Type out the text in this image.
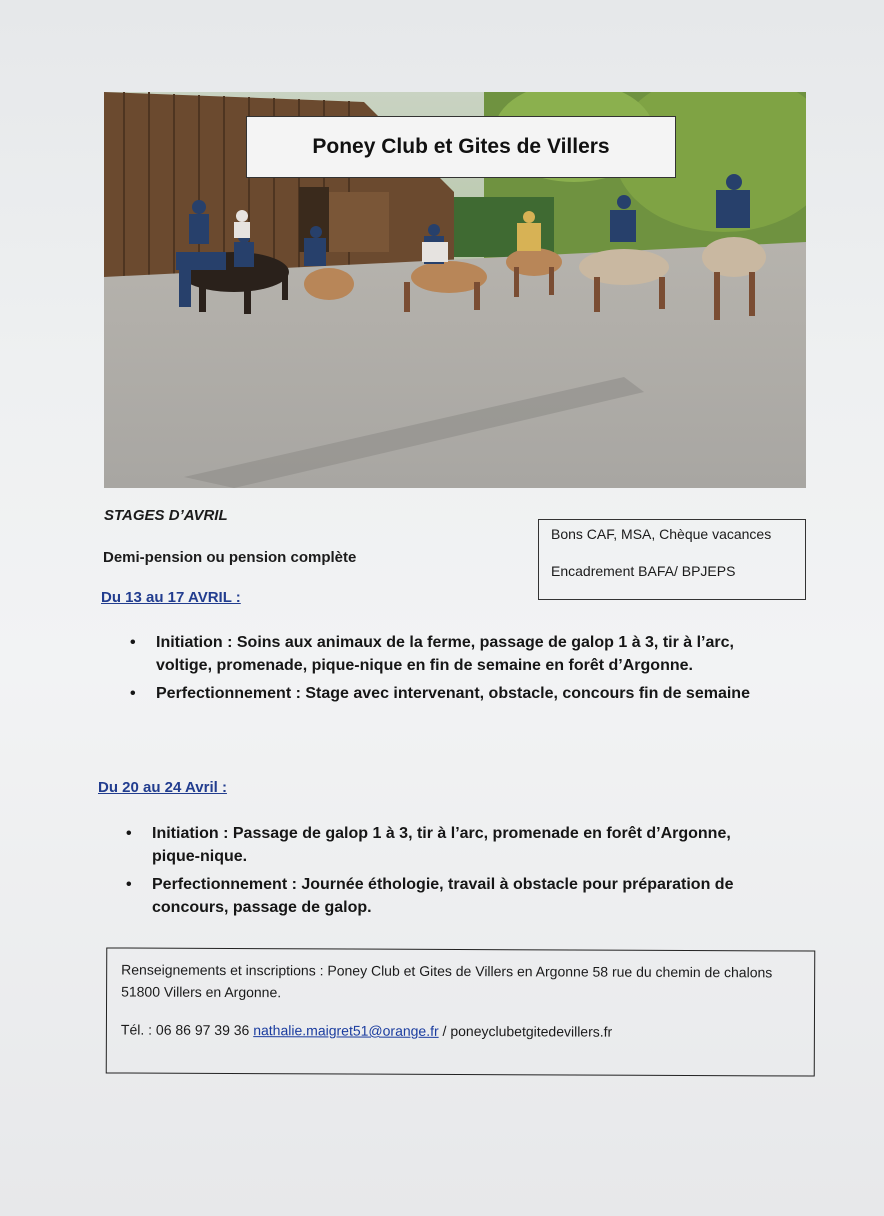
Poney Club et Gites de Villers
STAGES D’AVRIL
Demi-pension ou pension complète
Bons CAF, MSA, Chèque vacances
Encadrement BAFA/ BPJEPS
Du 13 au 17 AVRIL :
• Initiation : Soins aux animaux de la ferme, passage de galop 1 à 3, tir à l’arc, voltige, promenade, pique-nique en fin de semaine en forêt d’Argonne.
• Perfectionnement : Stage avec intervenant, obstacle, concours fin de semaine
Du 20 au 24 Avril :
• Initiation : Passage de galop 1 à 3, tir à l’arc, promenade en forêt d’Argonne, pique-nique.
• Perfectionnement : Journée éthologie, travail à obstacle pour préparation de concours, passage de galop.

Renseignements et inscriptions : Poney Club et Gites de Villers en Argonne 58 rue du chemin de chalons 51800 Villers en Argonne.

Tél. : 06 86 97 39 36 nathalie.maigret51@orange.fr / poneyclubetgitedevillers.fr
